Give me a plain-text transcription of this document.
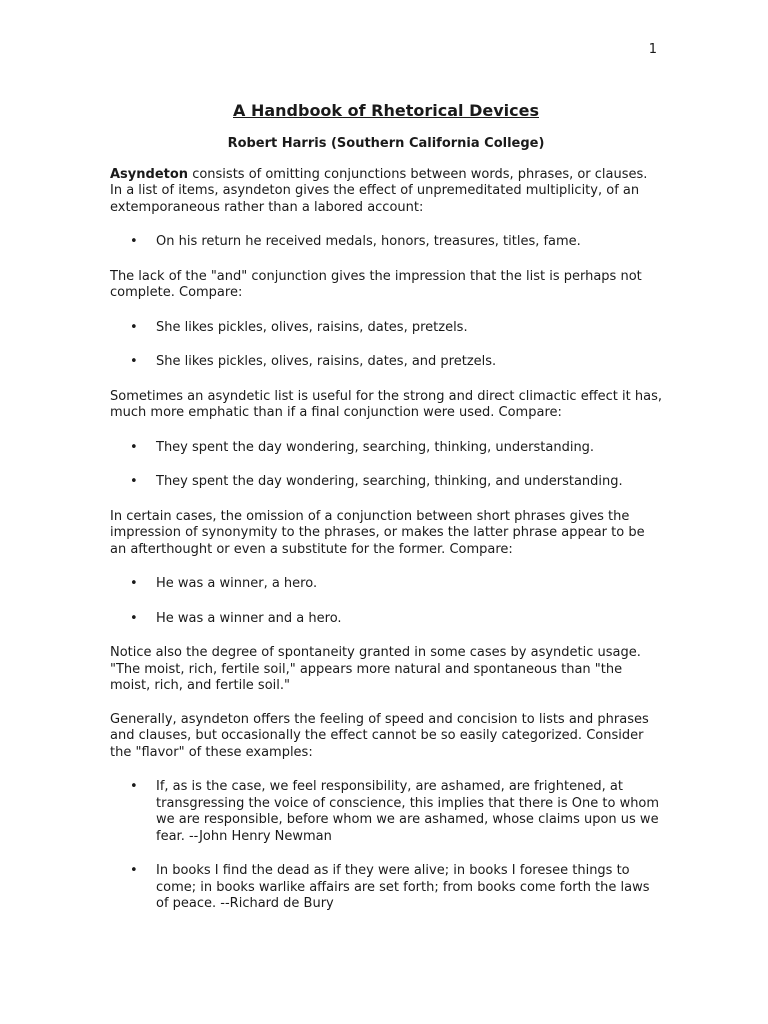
1
A Handbook of Rhetorical Devices

Robert Harris (Southern California College)

Asyndeton consists of omitting conjunctions between words, phrases, or clauses. In a list of items, asyndeton gives the effect of unpremeditated multiplicity, of an extemporaneous rather than a labored account:

• On his return he received medals, honors, treasures, titles, fame.

The lack of the "and" conjunction gives the impression that the list is perhaps not complete. Compare:

• She likes pickles, olives, raisins, dates, pretzels.
• She likes pickles, olives, raisins, dates, and pretzels.

Sometimes an asyndetic list is useful for the strong and direct climactic effect it has, much more emphatic than if a final conjunction were used. Compare:

• They spent the day wondering, searching, thinking, understanding.
• They spent the day wondering, searching, thinking, and understanding.

In certain cases, the omission of a conjunction between short phrases gives the impression of synonymity to the phrases, or makes the latter phrase appear to be an afterthought or even a substitute for the former. Compare:

• He was a winner, a hero.
• He was a winner and a hero.

Notice also the degree of spontaneity granted in some cases by asyndetic usage. "The moist, rich, fertile soil," appears more natural and spontaneous than "the moist, rich, and fertile soil."

Generally, asyndeton offers the feeling of speed and concision to lists and phrases and clauses, but occasionally the effect cannot be so easily categorized. Consider the "flavor" of these examples:

• If, as is the case, we feel responsibility, are ashamed, are frightened, at transgressing the voice of conscience, this implies that there is One to whom we are responsible, before whom we are ashamed, whose claims upon us we fear. --John Henry Newman
• In books I find the dead as if they were alive; in books I foresee things to come; in books warlike affairs are set forth; from books come forth the laws of peace. --Richard de Bury
